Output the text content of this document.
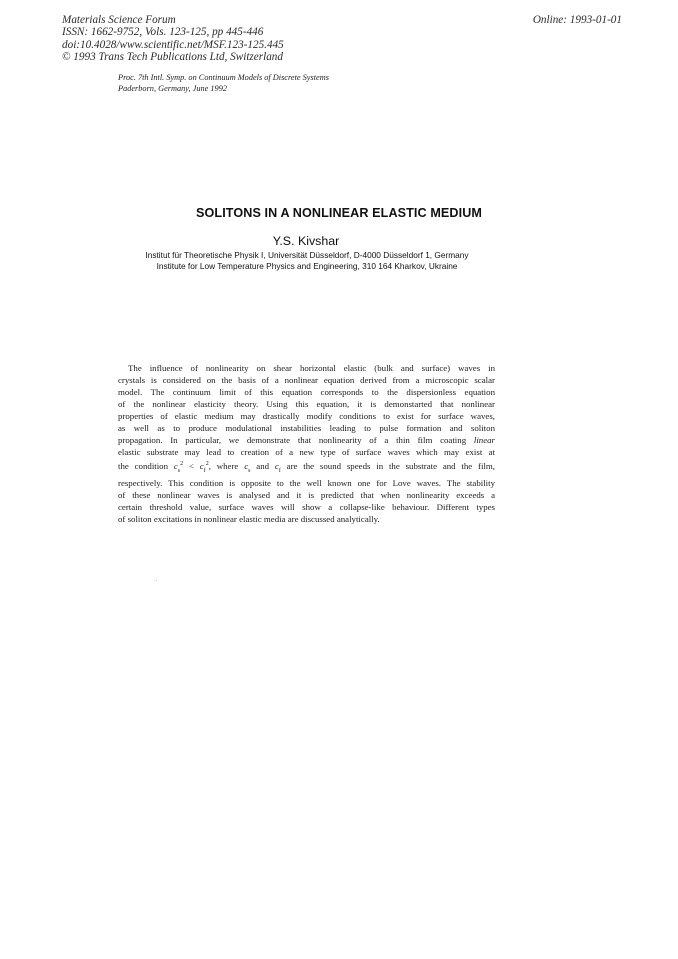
Materials Science Forum
ISSN: 1662-9752, Vols. 123-125, pp 445-446
doi:10.4028/www.scientific.net/MSF.123-125.445
© 1993 Trans Tech Publications Ltd, Switzerland
Online: 1993-01-01
Proc. 7th Intl. Symp. on Continuum Models of Discrete Systems
Paderborn, Germany, June 1992
SOLITONS IN A NONLINEAR ELASTIC MEDIUM
Y.S. Kivshar
Institut für Theoretische Physik I, Universität Düsseldorf, D-4000 Düsseldorf 1, Germany
Institute for Low Temperature Physics and Engineering, 310 164 Kharkov, Ukraine
The influence of nonlinearity on shear horizontal elastic (bulk and surface) waves in
crystals is considered on the basis of a nonlinear equation derived from a microscopic scalar
model. The continuum limit of this equation corresponds to the dispersionless equation
of the nonlinear elasticity theory. Using this equation, it is demonstarted that nonlinear
properties of elastic medium may drastically modify conditions to exist for surface waves,
as well as to produce modulational instabilities leading to pulse formation and soliton
propagation. In particular, we demonstrate that nonlinearity of a thin film coating linear
elastic substrate may lead to creation of a new type of surface waves which may exist at
the condition $c_s^2 < c_f^2$, where $c_s$ and $c_f$ are the sound speeds in the substrate and the film,
respectively. This condition is opposite to the well known one for Love waves. The stability
of these nonlinear waves is analysed and it is predicted that when nonlinearity exceeds a
certain threshold value, surface waves will show a collapse-like behaviour. Different types
of soliton excitations in nonlinear elastic media are discussed analytically.
